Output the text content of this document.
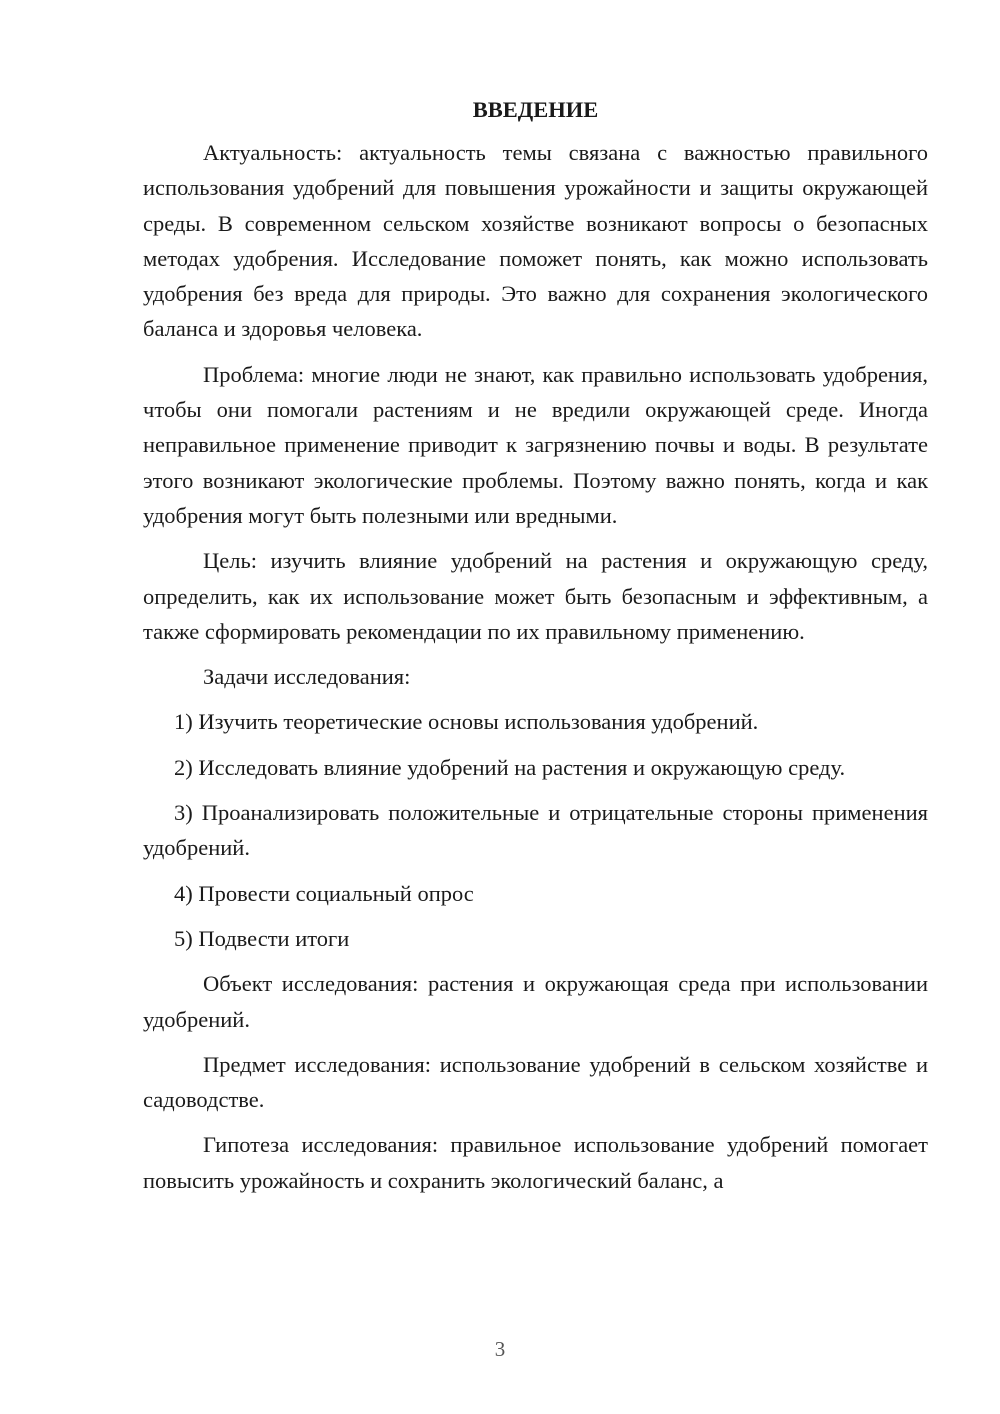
ВВЕДЕНИЕ

Актуальность: актуальность темы связана с важностью правильного использования удобрений для повышения урожайности и защиты окружающей среды. В современном сельском хозяйстве возникают вопросы о безопасных методах удобрения. Исследование поможет понять, как можно использовать удобрения без вреда для природы. Это важно для сохранения экологического баланса и здоровья человека.

Проблема: многие люди не знают, как правильно использовать удобрения, чтобы они помогали растениям и не вредили окружающей среде. Иногда неправильное применение приводит к загрязнению почвы и воды. В результате этого возникают экологические проблемы. Поэтому важно понять, когда и как удобрения могут быть полезными или вредными.

Цель: изучить влияние удобрений на растения и окружающую среду, определить, как их использование может быть безопасным и эффективным, а также сформировать рекомендации по их правильному применению.

Задачи исследования:

1) Изучить теоретические основы использования удобрений.

2) Исследовать влияние удобрений на растения и окружающую среду.

3) Проанализировать положительные и отрицательные стороны применения удобрений.

4) Провести социальный опрос

5) Подвести итоги

Объект исследования: растения и окружающая среда при использовании удобрений.

Предмет исследования: использование удобрений в сельском хозяйстве и садоводстве.

Гипотеза исследования: правильное использование удобрений помогает повысить урожайность и сохранить экологический баланс, а

3
